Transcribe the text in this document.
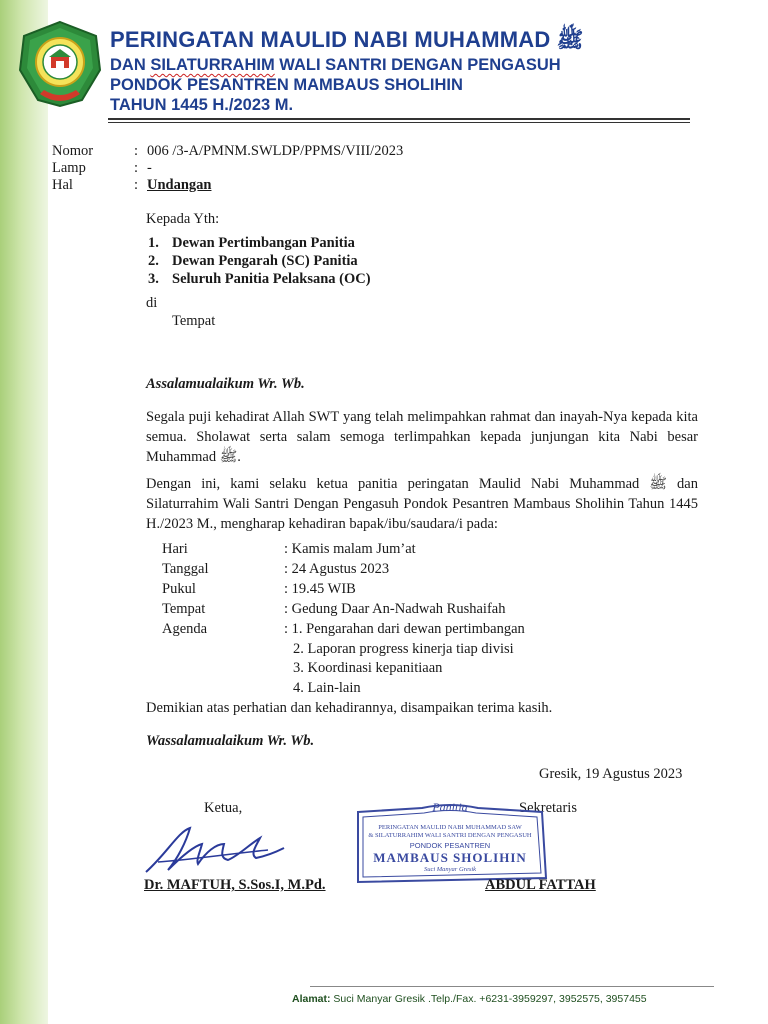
PERINGATAN MAULID NABI MUHAMMAD ﷺ
DAN SILATURRAHIM WALI SANTRI DENGAN PENGASUH
PONDOK PESANTREN MAMBAUS SHOLIHIN
TAHUN 1445 H./2023 M.
Nomor	: 006 /3-A/PMNM.SWLDP/PPMS/VIII/2023
Lamp	: -
Hal	: Undangan
Kepada Yth:
1. Dewan Pertimbangan Panitia
2. Dewan Pengarah (SC) Panitia
3. Seluruh Panitia Pelaksana (OC)
di
Tempat
Assalamualaikum Wr. Wb.
Segala puji kehadirat Allah SWT yang telah melimpahkan rahmat dan inayah-Nya kepada kita semua. Sholawat serta salam semoga terlimpahkan kepada junjungan kita Nabi besar Muhammad ﷺ.
Dengan ini, kami selaku ketua panitia peringatan Maulid Nabi Muhammad ﷺ dan Silaturrahim Wali Santri Dengan Pengasuh Pondok Pesantren Mambaus Sholihin Tahun 1445 H./2023 M., mengharap kehadiran bapak/ibu/saudara/i pada:
Hari	: Kamis malam Jum’at
Tanggal	: 24 Agustus 2023
Pukul	: 19.45 WIB
Tempat	: Gedung Daar An-Nadwah Rushaifah
Agenda	: 1. Pengarahan dari dewan pertimbangan
2. Laporan progress kinerja tiap divisi
3. Koordinasi kepanitiaan
4. Lain-lain
Demikian atas perhatian dan kehadirannya, disampaikan terima kasih.
Wassalamualaikum Wr. Wb.
Gresik, 19 Agustus 2023
Ketua,	Sekretaris
Panitia
PERINGATAN MAULID NABI MUHAMMAD SAW
& SILATURRAHIM WALI SANTRI DENGAN PENGASUH
PONDOK PESANTREN
MAMBAUS SHOLIHIN
Suci Manyar Gresik
Dr. MAFTUH, S.Sos.I, M.Pd.	ABDUL FATTAH
Alamat: Suci Manyar Gresik .Telp./Fax. +6231-3959297, 3952575, 3957455
